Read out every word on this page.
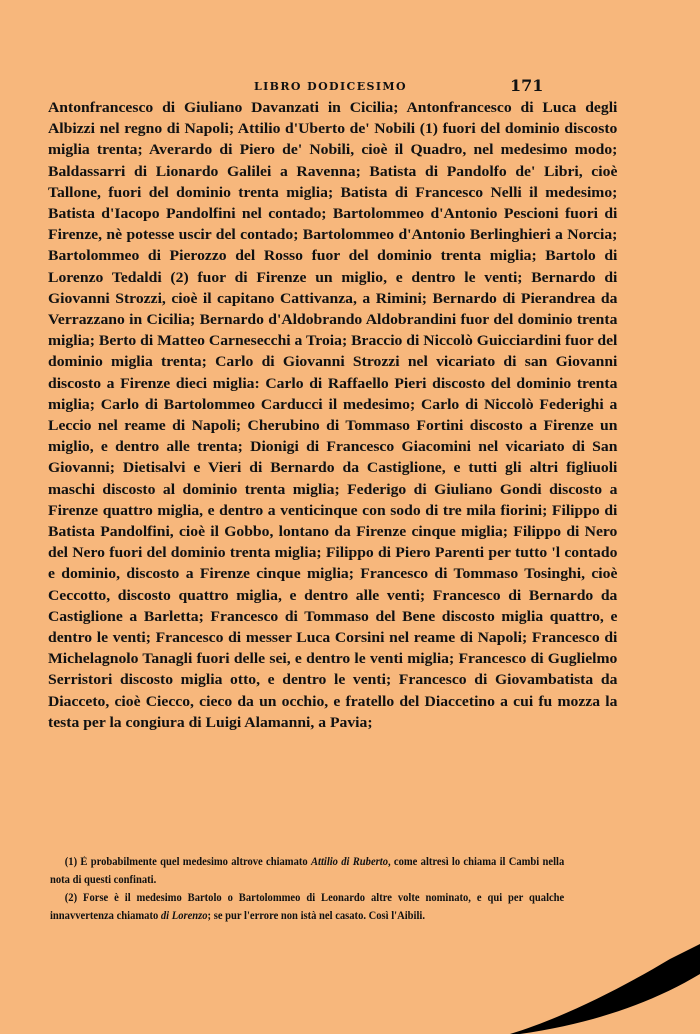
LIBRO DODICESIMO	171
Antonfrancesco di Giuliano Davanzati in Cicilia; Antonfrancesco di Luca degli Albizzi nel regno di Napoli; Attilio d'Uberto de' Nobili (1) fuori del dominio discosto miglia trenta; Averardo di Piero de' Nobili, cioè il Quadro, nel medesimo modo; Baldassarri di Lionardo Galilei a Ravenna; Batista di Pandolfo de' Libri, cioè Tallone, fuori del dominio trenta miglia; Batista di Francesco Nelli il medesimo; Batista d'Iacopo Pandolfini nel contado; Bartolommeo d'Antonio Pescioni fuori di Firenze, nè potesse uscir del contado; Bartolommeo d'Antonio Berlinghieri a Norcia; Bartolommeo di Pierozzo del Rosso fuor del dominio trenta miglia; Bartolo di Lorenzo Tedaldi (2) fuor di Firenze un miglio, e dentro le venti; Bernardo di Giovanni Strozzi, cioè il capitano Cattivanza, a Rimini; Bernardo di Pierandrea da Verrazzano in Cicilia; Bernardo d'Aldobrando Aldobrandini fuor del dominio trenta miglia; Berto di Matteo Carnesecchi a Troia; Braccio di Niccolò Guicciardini fuor del dominio miglia trenta; Carlo di Giovanni Strozzi nel vicariato di san Giovanni discosto a Firenze dieci miglia: Carlo di Raffaello Pieri discosto del dominio trenta miglia; Carlo di Bartolommeo Carducci il medesimo; Carlo di Niccolò Federighi a Leccio nel reame di Napoli; Cherubino di Tommaso Fortini discosto a Firenze un miglio, e dentro alle trenta; Dionigi di Francesco Giacomini nel vicariato di San Giovanni; Dietisalvi e Vieri di Bernardo da Castiglione, e tutti gli altri figliuoli maschi discosto al dominio trenta miglia; Federigo di Giuliano Gondi discosto a Firenze quattro miglia, e dentro a venticinque con sodo di tre mila fiorini; Filippo di Batista Pandolfini, cioè il Gobbo, lontano da Firenze cinque miglia; Filippo di Nero del Nero fuori del dominio trenta miglia; Filippo di Piero Parenti per tutto 'l contado e dominio, discosto a Firenze cinque miglia; Francesco di Tommaso Tosinghi, cioè Ceccotto, discosto quattro miglia, e dentro alle venti; Francesco di Bernardo da Castiglione a Barletta; Francesco di Tommaso del Bene discosto miglia quattro, e dentro le venti; Francesco di messer Luca Corsini nel reame di Napoli; Francesco di Michelagnolo Tanagli fuori delle sei, e dentro le venti miglia; Francesco di Guglielmo Serristori discosto miglia otto, e dentro le venti; Francesco di Giovambatista da Diacceto, cioè Ciecco, cieco da un occhio, e fratello del Diaccetino a cui fu mozza la testa per la congiura di Luigi Alamanni, a Pavia;

(1) È probabilmente quel medesimo altrove chiamato Attilio di Ruberto, come altresì lo chiama il Cambi nella nota di questi confinati.

(2) Forse è il medesimo Bartolo o Bartolommeo di Leonardo altre volte nominato, e qui per qualche innavvertenza chiamato di Lorenzo; se pur l'errore non istà nel casato. Così l'Aibili.
